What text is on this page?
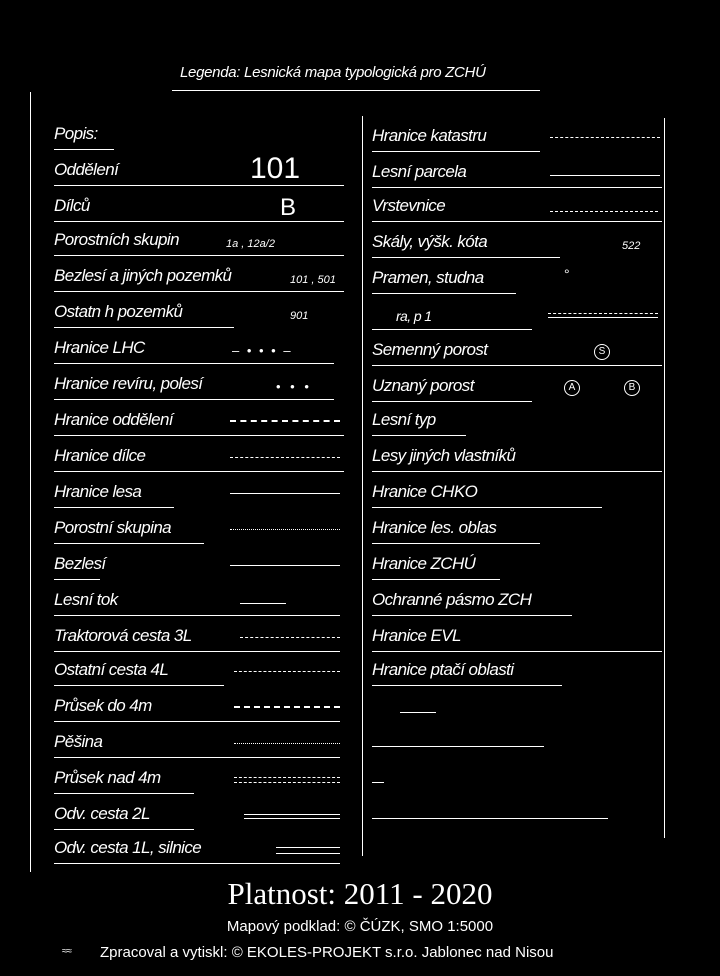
Legenda: Lesnická mapa typologická pro ZCHÚ
Popis:
Oddělení	101
Dílců	B
Porostních skupin	1a , 12a/2
Bezlesí a jiných pozemků	101 , 501
Ostatn h pozemků	901
Hranice LHC	– • • • –
Hranice revíru, polesí	• • •
Hranice oddělení
Hranice dílce
Hranice lesa
Porostní skupina
Bezlesí
Lesní tok
Traktorová cesta 3L
Ostatní cesta 4L
Průsek do 4m
Pěšina
Průsek nad 4m
Odv. cesta 2L
Odv. cesta 1L, silnice
Hranice katastru
Lesní parcela
Vrstevnice
Skály, výšk. kóta	522
Pramen, studna	°
ra, p 1
Semenný porost	S
Uznaný porost	A	B
Lesní typ
Lesy jiných vlastníků
Hranice CHKO
Hranice les. oblas
Hranice ZCHÚ
Ochranné pásmo ZCH
Hranice EVL
Hranice ptačí oblasti
Platnost: 2011 - 2020
Mapový podklad: © ČÚZK, SMO 1:5000
≈≈ Zpracoval a vytiskl: © EKOLES-PROJEKT s.r.o. Jablonec nad Nisou
